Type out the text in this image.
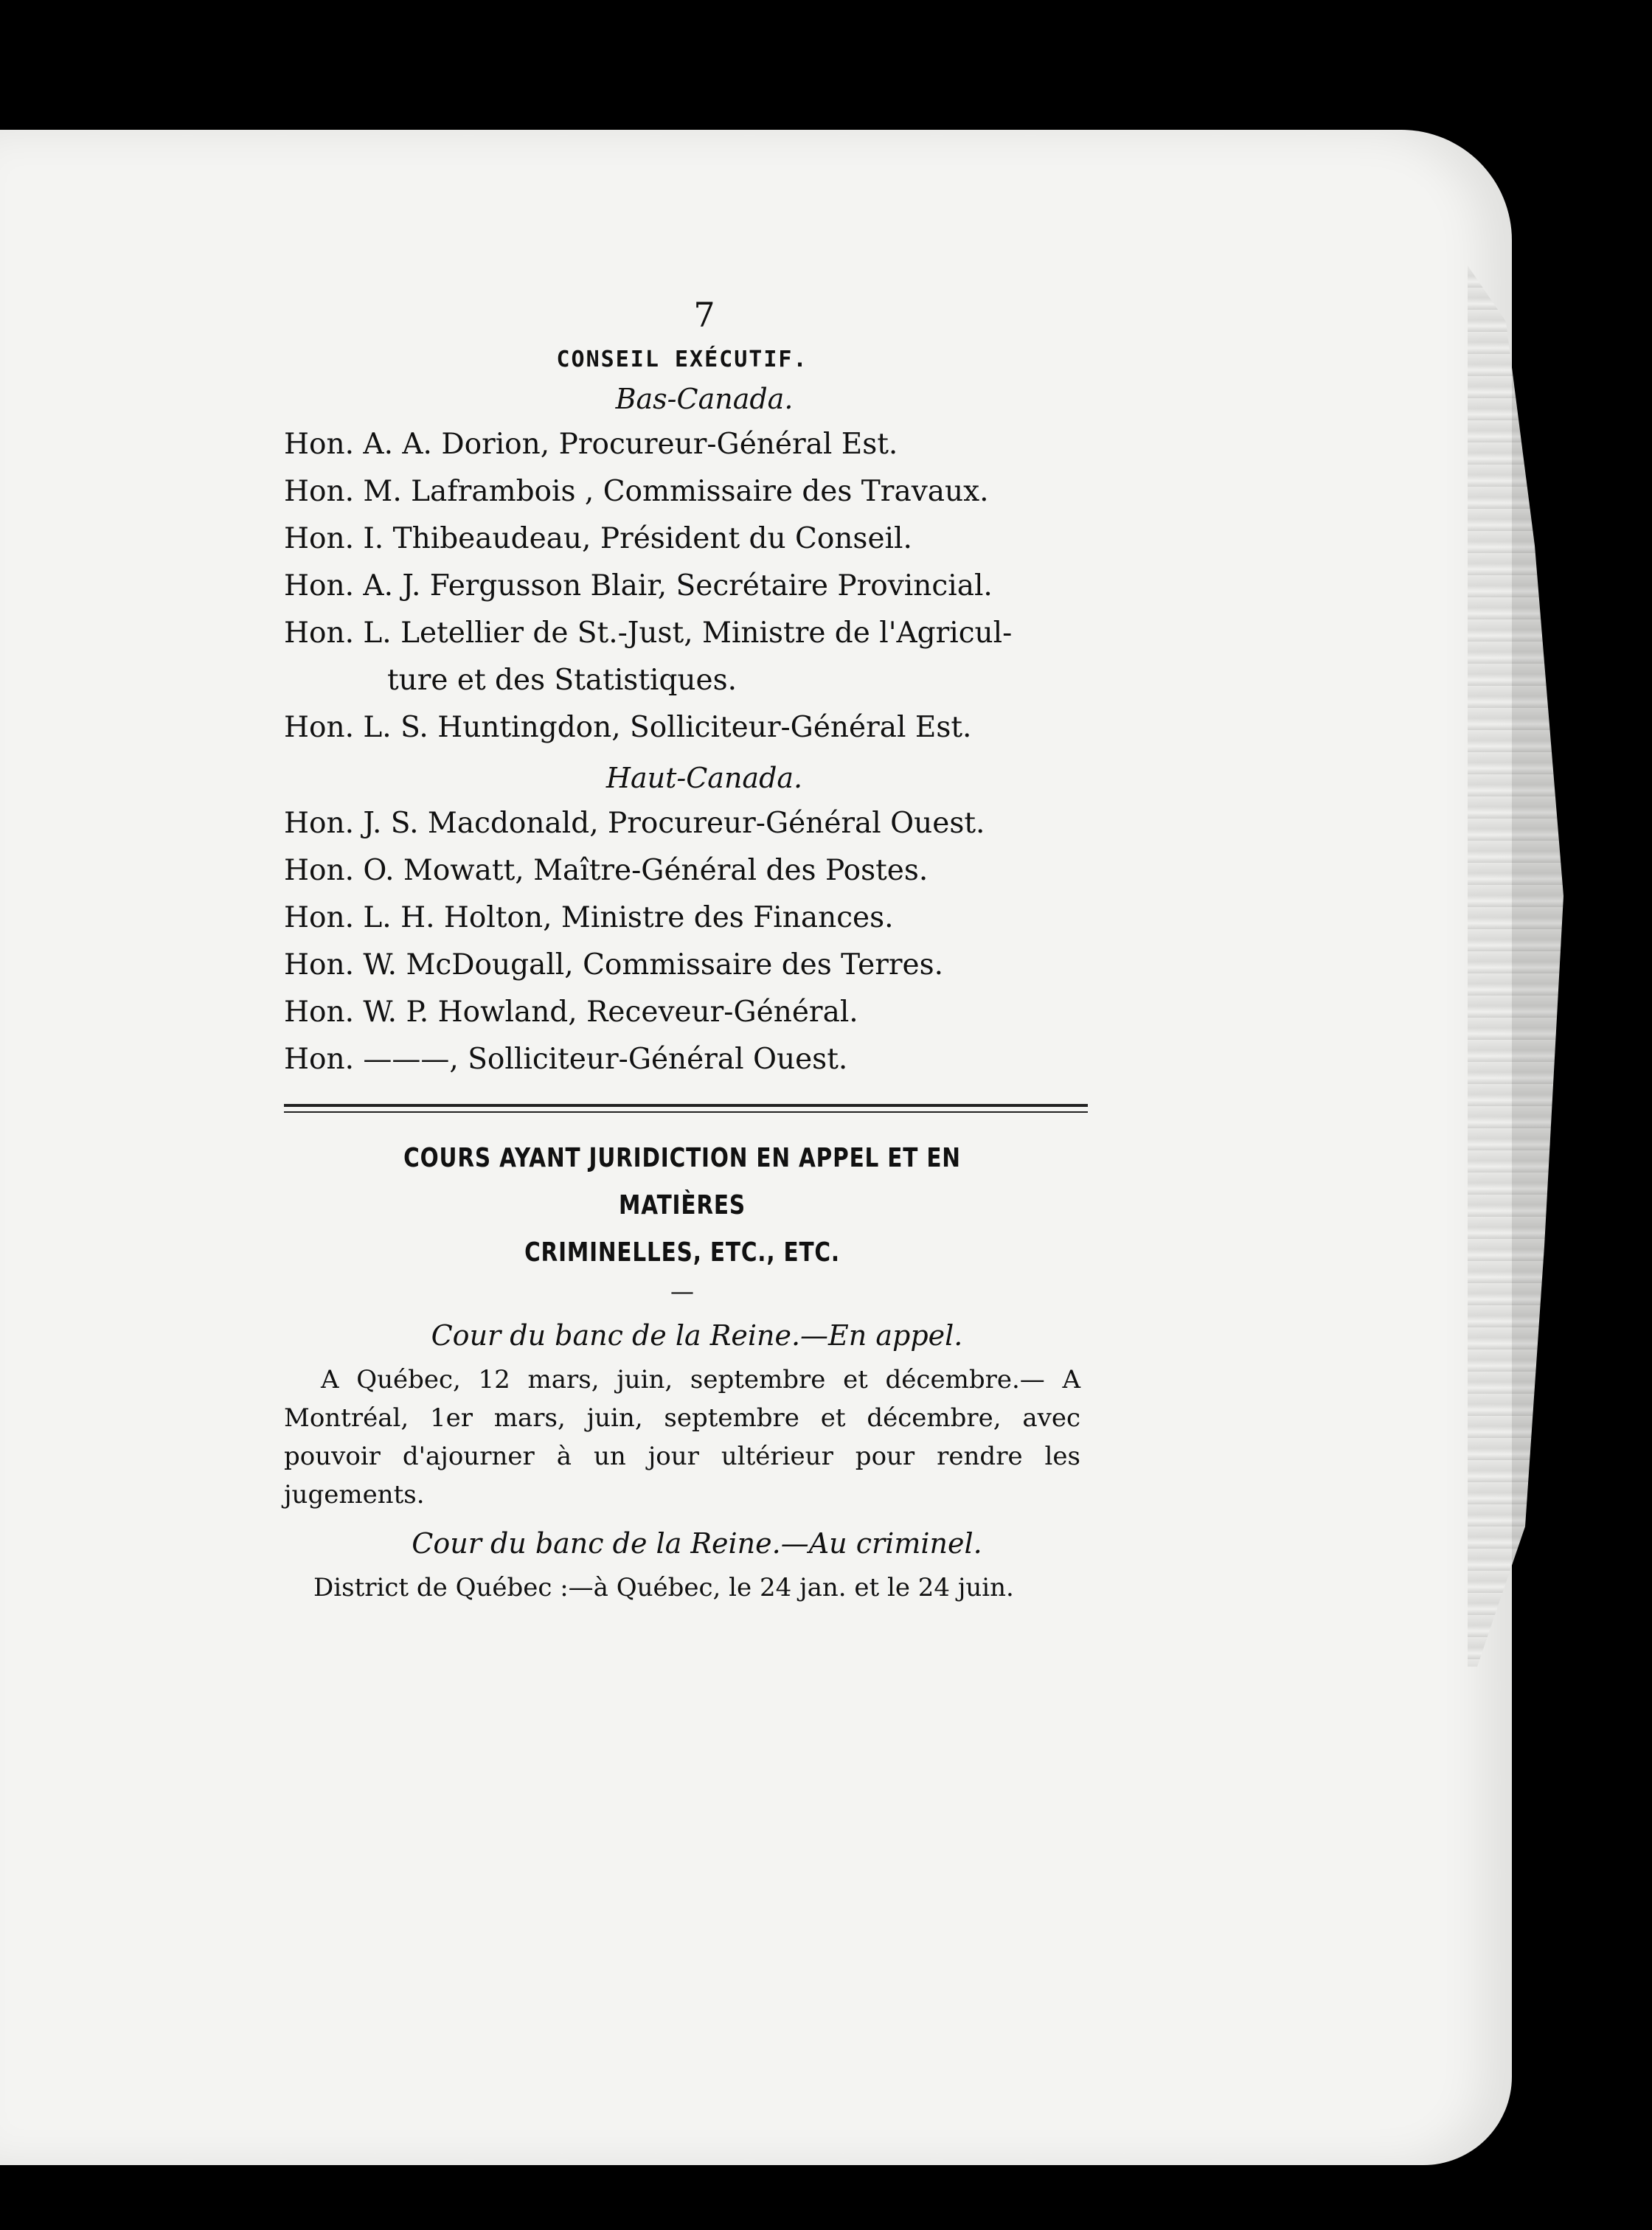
7
CONSEIL EXÉCUTIF.
Bas-Canada.
Hon. A. A. Dorion, Procureur-Général Est.
Hon. M. Laframbois , Commissaire des Travaux.
Hon. I. Thibeaudeau, Président du Conseil.
Hon. A. J. Fergusson Blair, Secrétaire Provincial.
Hon. L. Letellier de St.-Just, Ministre de l'Agricul-
ture et des Statistiques.
Hon. L. S. Huntingdon, Solliciteur-Général Est.
Haut-Canada.
Hon. J. S. Macdonald, Procureur-Général Ouest.
Hon. O. Mowatt, Maître-Général des Postes.
Hon. L. H. Holton, Ministre des Finances.
Hon. W. McDougall, Commissaire des Terres.
Hon. W. P. Howland, Receveur-Général.
Hon. ———, Solliciteur-Général Ouest.
COURS AYANT JURIDICTION EN APPEL ET EN MATIÈRES
CRIMINELLES, ETC., ETC.
—
Cour du banc de la Reine.—En appel.
A Québec, 12 mars, juin, septembre et décembre.— A Montréal, 1er mars, juin, septembre et décembre, avec pouvoir d'ajourner à un jour ultérieur pour rendre les jugements.
Cour du banc de la Reine.—Au criminel.
District de Québec :—à Québec, le 24 jan. et le 24 juin.
